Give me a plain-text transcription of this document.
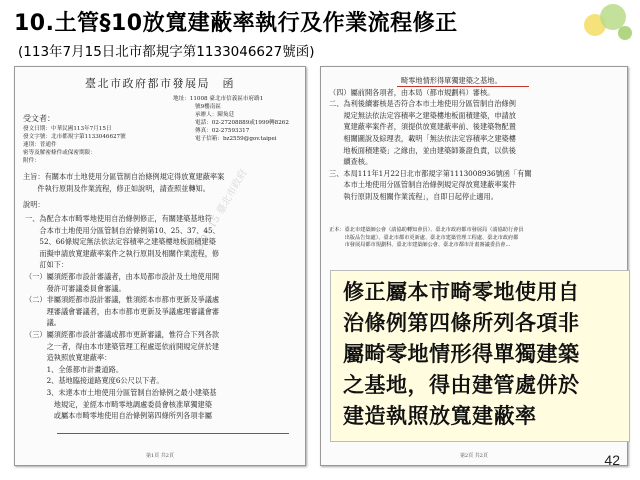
10.土管§10放寬建蔽率執行及作業流程修正
(113年7月15日北市都規字第1133046627號函)
臺北市政府都市發展局　函
地址：11008 臺北市信義區市府路1
號9樓南區
承辦人：陳奐廷
電話：02-27208889或1999轉8262
傳真：02-27593317
電子信箱：bz2559@gov.taipei
受文者：
發文日期：中華民國113年7月15日
發文字號：北市都規字第1133046627號
速別：普通件
密等及解密條件或保密期限：
附件：
主旨：有關本市土地使用分區管制自治條例規定得放寬建蔽率案
　　件執行原則及作業流程，修正如說明，請查照並轉知。
說明：
一、為配合本市畸零地使用自治條例修正，有關建築基地符
　　合本市土地使用分區管制自治條例第10、25、37、45、
　　52、66條規定無法依法定容積率之建築樓地板面積建築
　　而擬申請放寬建蔽率案件之執行原則及相關作業流程，修
　　訂如下：
（一）屬須經都市設計審議者，由本局都市設計及土地使用開
　　　發許可審議委員會審議。
（二）非屬須經都市設計審議，惟須經本市都市更新及爭議處
　　　理審議會審議者，由本市都市更新及爭議處理審議會審
　　　議。
（三）屬須經都市設計審議或都市更新審議，惟符合下列各款
　　　之一者，得由本市建築管理工程處逕依前開規定併於建
　　　造執照放寬建蔽率：
　　　1、全係都市計畫道路。
　　　2、基地臨接道路寬度6公尺以下者。
　　　3、未達本市土地使用分區管制自治條例之最小建築基
　　　　地規定，並經本市畸零地調處委員會核准單獨建築
　　　　或屬本市畸零地使用自治條例第四條所列各項非屬
113.07.15 臺北市政府
第1頁 共2頁
畸零地情形得單獨建築之基地。
（四）屬前開各項者，由本局（都市規劃科）審核。
二、為利後續審核是否符合本市土地使用分區管制自治條例
　　規定無法依法定容積率之建築樓地板面積建築，申請放
　　寬建蔽率案件者，須提供放寬建蔽率前、後建築物配置
　　相關圖說及綜理表，載明「無法依法定容積率之建築樓
　　地板面積建築」之緣由，並由建築師簽證負責，以供後
　　續查核。
三、本局111年1月22日北市都規字第1113008936號函「有關
　　本市土地使用分區管制自治條例規定得放寬建蔽率案件
　　執行原則及相關作業流程」，自即日起停止適用。
正本：臺北市建築師公會（請協助轉知會員）、臺北市政府都市發展局（請協助行會員
　　　出版品告知處）、臺北市都市更新處、臺北市建築管理工程處、臺北市政府都
　　　市發展局都市規劃科、臺北市建築師公會、臺北市都市計畫審議委員會...
第2頁 共2頁
修正屬本市畸零地使用自
治條例第四條所列各項非
屬畸零地情形得單獨建築
之基地，得由建管處併於
建造執照放寬建蔽率
42
